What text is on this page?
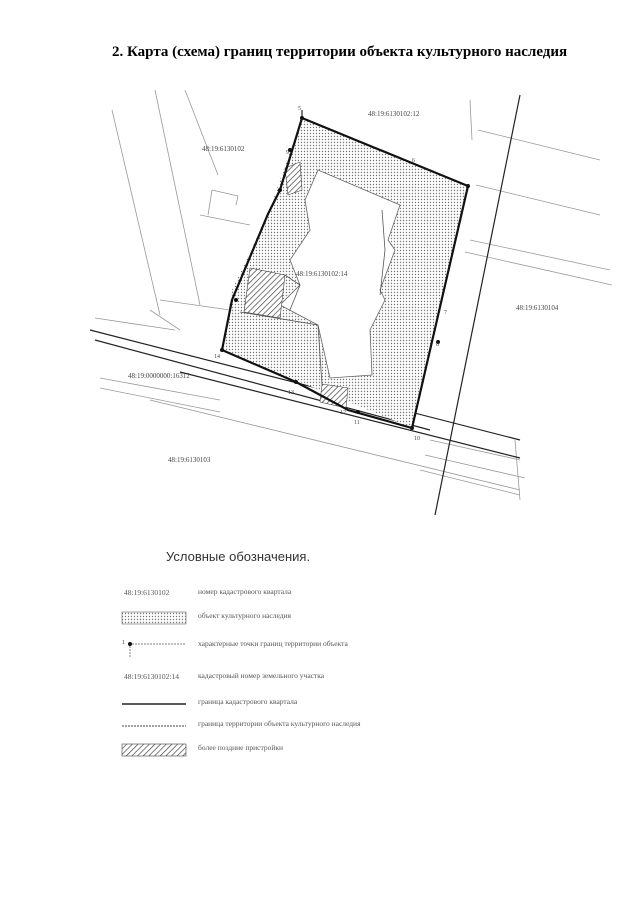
2. Карта (схема) границ территории объекта культурного наследия
5
6
7
8
9
10
11
12
13
14
48:19:6130102:12
48:19:6130102
48:19:6130102:14
48:19:6130104
48:19:0000000:16312
48:19:6130103
Условные обозначения.
48:19:6130102	номер кадастрового квартала
объект культурного наследия
1	характерные точки границ территории объекта
48:19:6130102:14	кадастровый номер земельного участка
граница кадастрового квартала
граница территории объекта культурного наследия
более поздние пристройки
